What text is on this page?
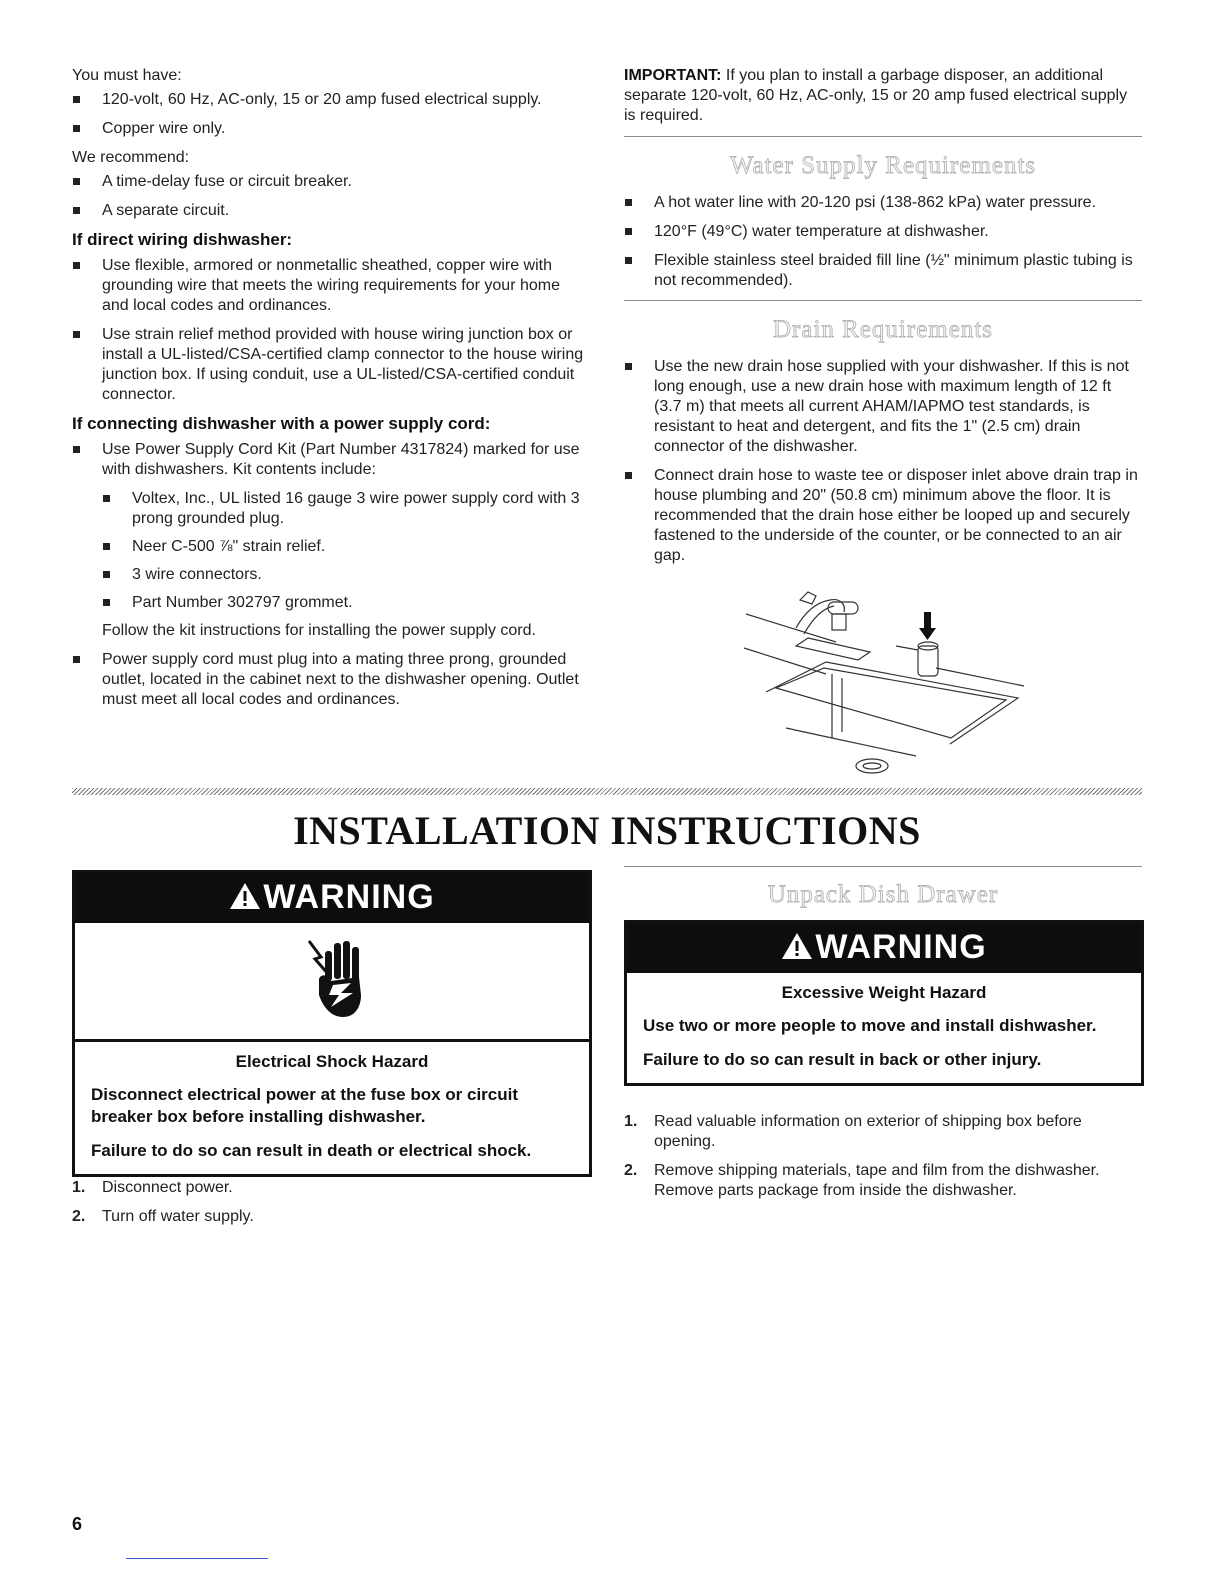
You must have:

120-volt, 60 Hz, AC-only, 15 or 20 amp fused electrical supply.
Copper wire only.

We recommend:

A time-delay fuse or circuit breaker.
A separate circuit.
If direct wiring dishwasher:
Use flexible, armored or nonmetallic sheathed, copper wire with grounding wire that meets the wiring requirements for your home and local codes and ordinances.
Use strain relief method provided with house wiring junction box or install a UL-listed/CSA-certified clamp connector to the house wiring junction box. If using conduit, use a UL-listed/CSA-certified conduit connector.
If connecting dishwasher with a power supply cord:
Use Power Supply Cord Kit (Part Number 4317824) marked for use with dishwashers. Kit contents include:
Voltex, Inc., UL listed 16 gauge 3 wire power supply cord with 3 prong grounded plug.
Neer C-500 ⅞" strain relief.
3 wire connectors.
Part Number 302797 grommet.

Follow the kit instructions for installing the power supply cord.

Power supply cord must plug into a mating three prong, grounded outlet, located in the cabinet next to the dishwasher opening. Outlet must meet all local codes and ordinances.

IMPORTANT: If you plan to install a garbage disposer, an additional separate 120-volt, 60 Hz, AC-only, 15 or 20 amp fused electrical supply is required.

Water Supply Requirements
A hot water line with 20-120 psi (138-862 kPa) water pressure.
120°F (49°C) water temperature at dishwasher.
Flexible stainless steel braided fill line (½" minimum plastic tubing is not recommended).
Drain Requirements
Use the new drain hose supplied with your dishwasher. If this is not long enough, use a new drain hose with maximum length of 12 ft (3.7 m) that meets all current AHAM/IAPMO test standards, is resistant to heat and detergent, and fits the 1" (2.5 cm) drain connector of the dishwasher.
Connect drain hose to waste tee or disposer inlet above drain trap in house plumbing and 20" (50.8 cm) minimum above the floor. It is recommended that the drain hose either be looped up and securely fastened to the underside of the counter, or be connected to an air gap.
INSTALLATION INSTRUCTIONS
WARNING
Electrical Shock Hazard

Disconnect electrical power at the fuse box or circuit breaker box before installing dishwasher.

Failure to do so can result in death or electrical shock.

1. Disconnect power.
2. Turn off water supply.
Unpack Dish Drawer
WARNING
Excessive Weight Hazard

Use two or more people to move and install dishwasher.

Failure to do so can result in back or other injury.

1. Read valuable information on exterior of shipping box before opening.
2. Remove shipping materials, tape and film from the dishwasher. Remove parts package from inside the dishwasher.
6
